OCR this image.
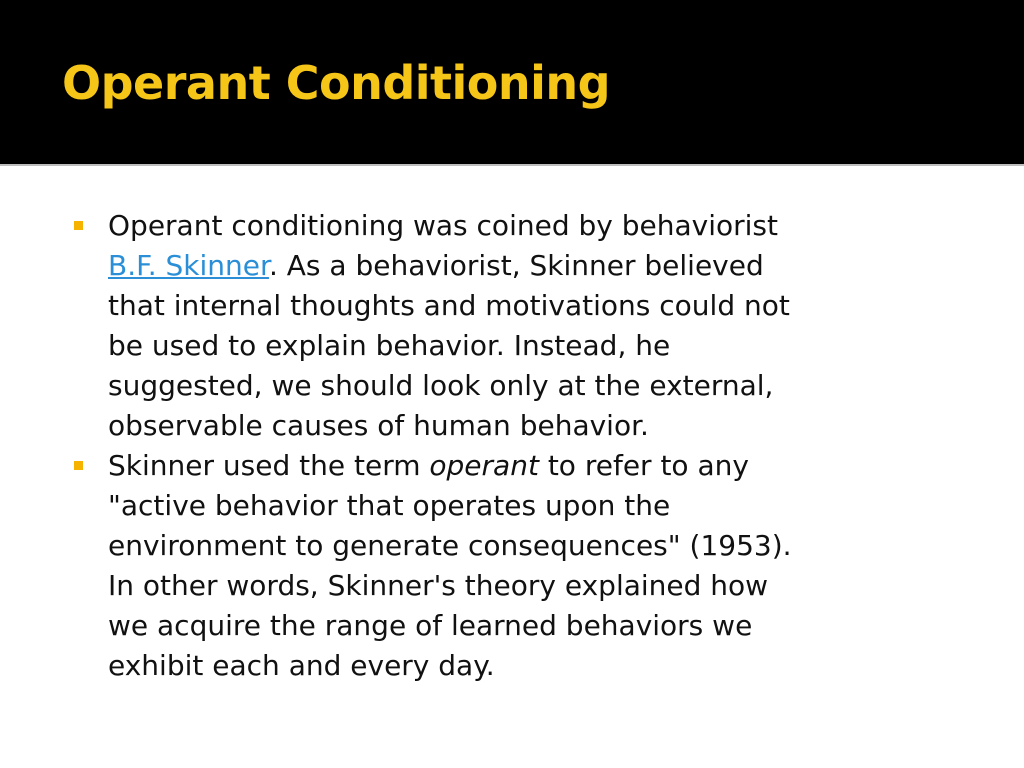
Operant Conditioning
Operant conditioning was coined by behaviorist
B.F. Skinner. As a behaviorist, Skinner believed
that internal thoughts and motivations could not
be used to explain behavior. Instead, he
suggested, we should look only at the external,
observable causes of human behavior.
Skinner used the term operant to refer to any
"active behavior that operates upon the
environment to generate consequences" (1953).
In other words, Skinner's theory explained how
we acquire the range of learned behaviors we
exhibit each and every day.
